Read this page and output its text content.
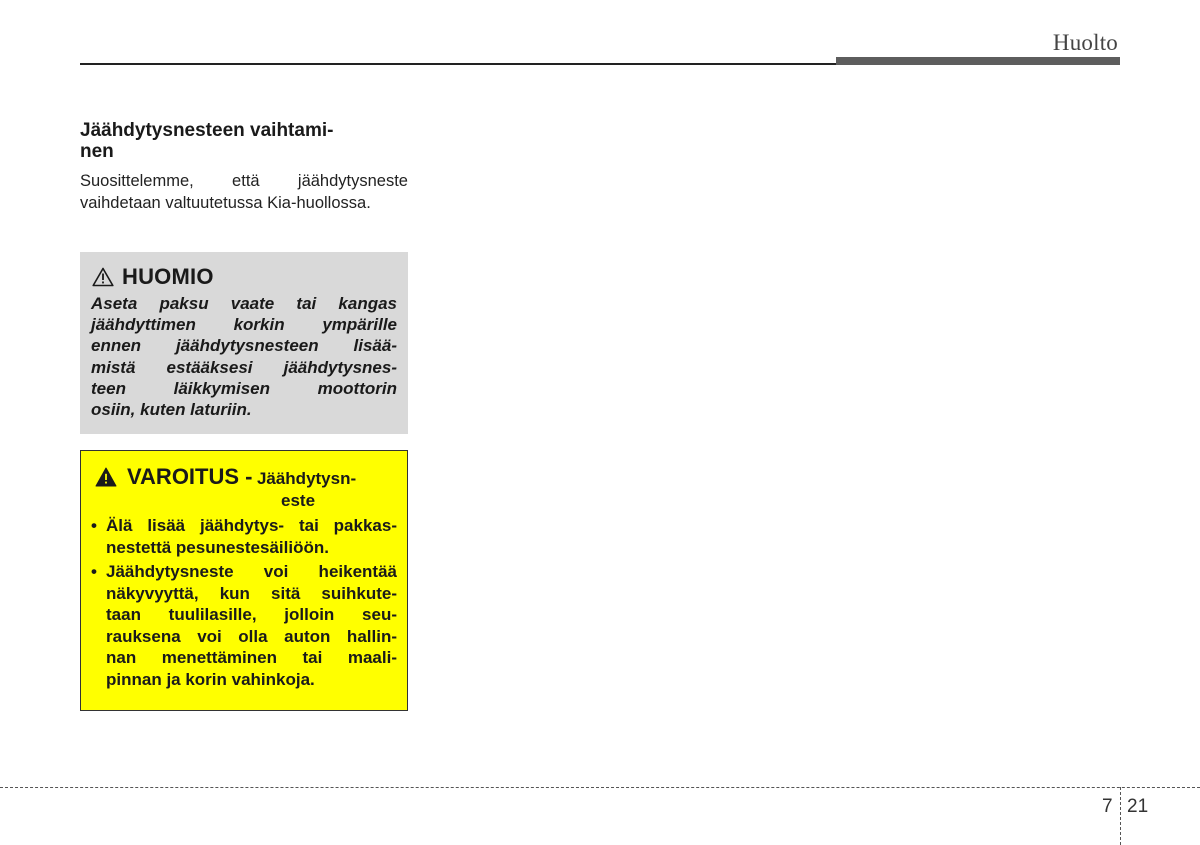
Huolto
Jäähdytysnesteen vaihtami-
nen
Suosittelemme, että jäähdytysneste
vaihdetaan valtuutetussa Kia-huollossa.
HUOMIO
Aseta paksu vaate tai kangas
jäähdyttimen korkin ympärille
ennen jäähdytysnesteen lisää-
mistä estääksesi jäähdytysnes-
teen läikkymisen moottorin
osiin, kuten laturiin.
VAROITUS - Jäähdytysn-
este
• Älä lisää jäähdytys- tai pakkas-
nestettä pesunestesäiliöön.
• Jäähdytysneste voi heikentää
näkyvyyttä, kun sitä suihkute-
taan tuulilasille, jolloin seu-
rauksena voi olla auton hallin-
nan menettäminen tai maali-
pinnan ja korin vahinkoja.
7 21
